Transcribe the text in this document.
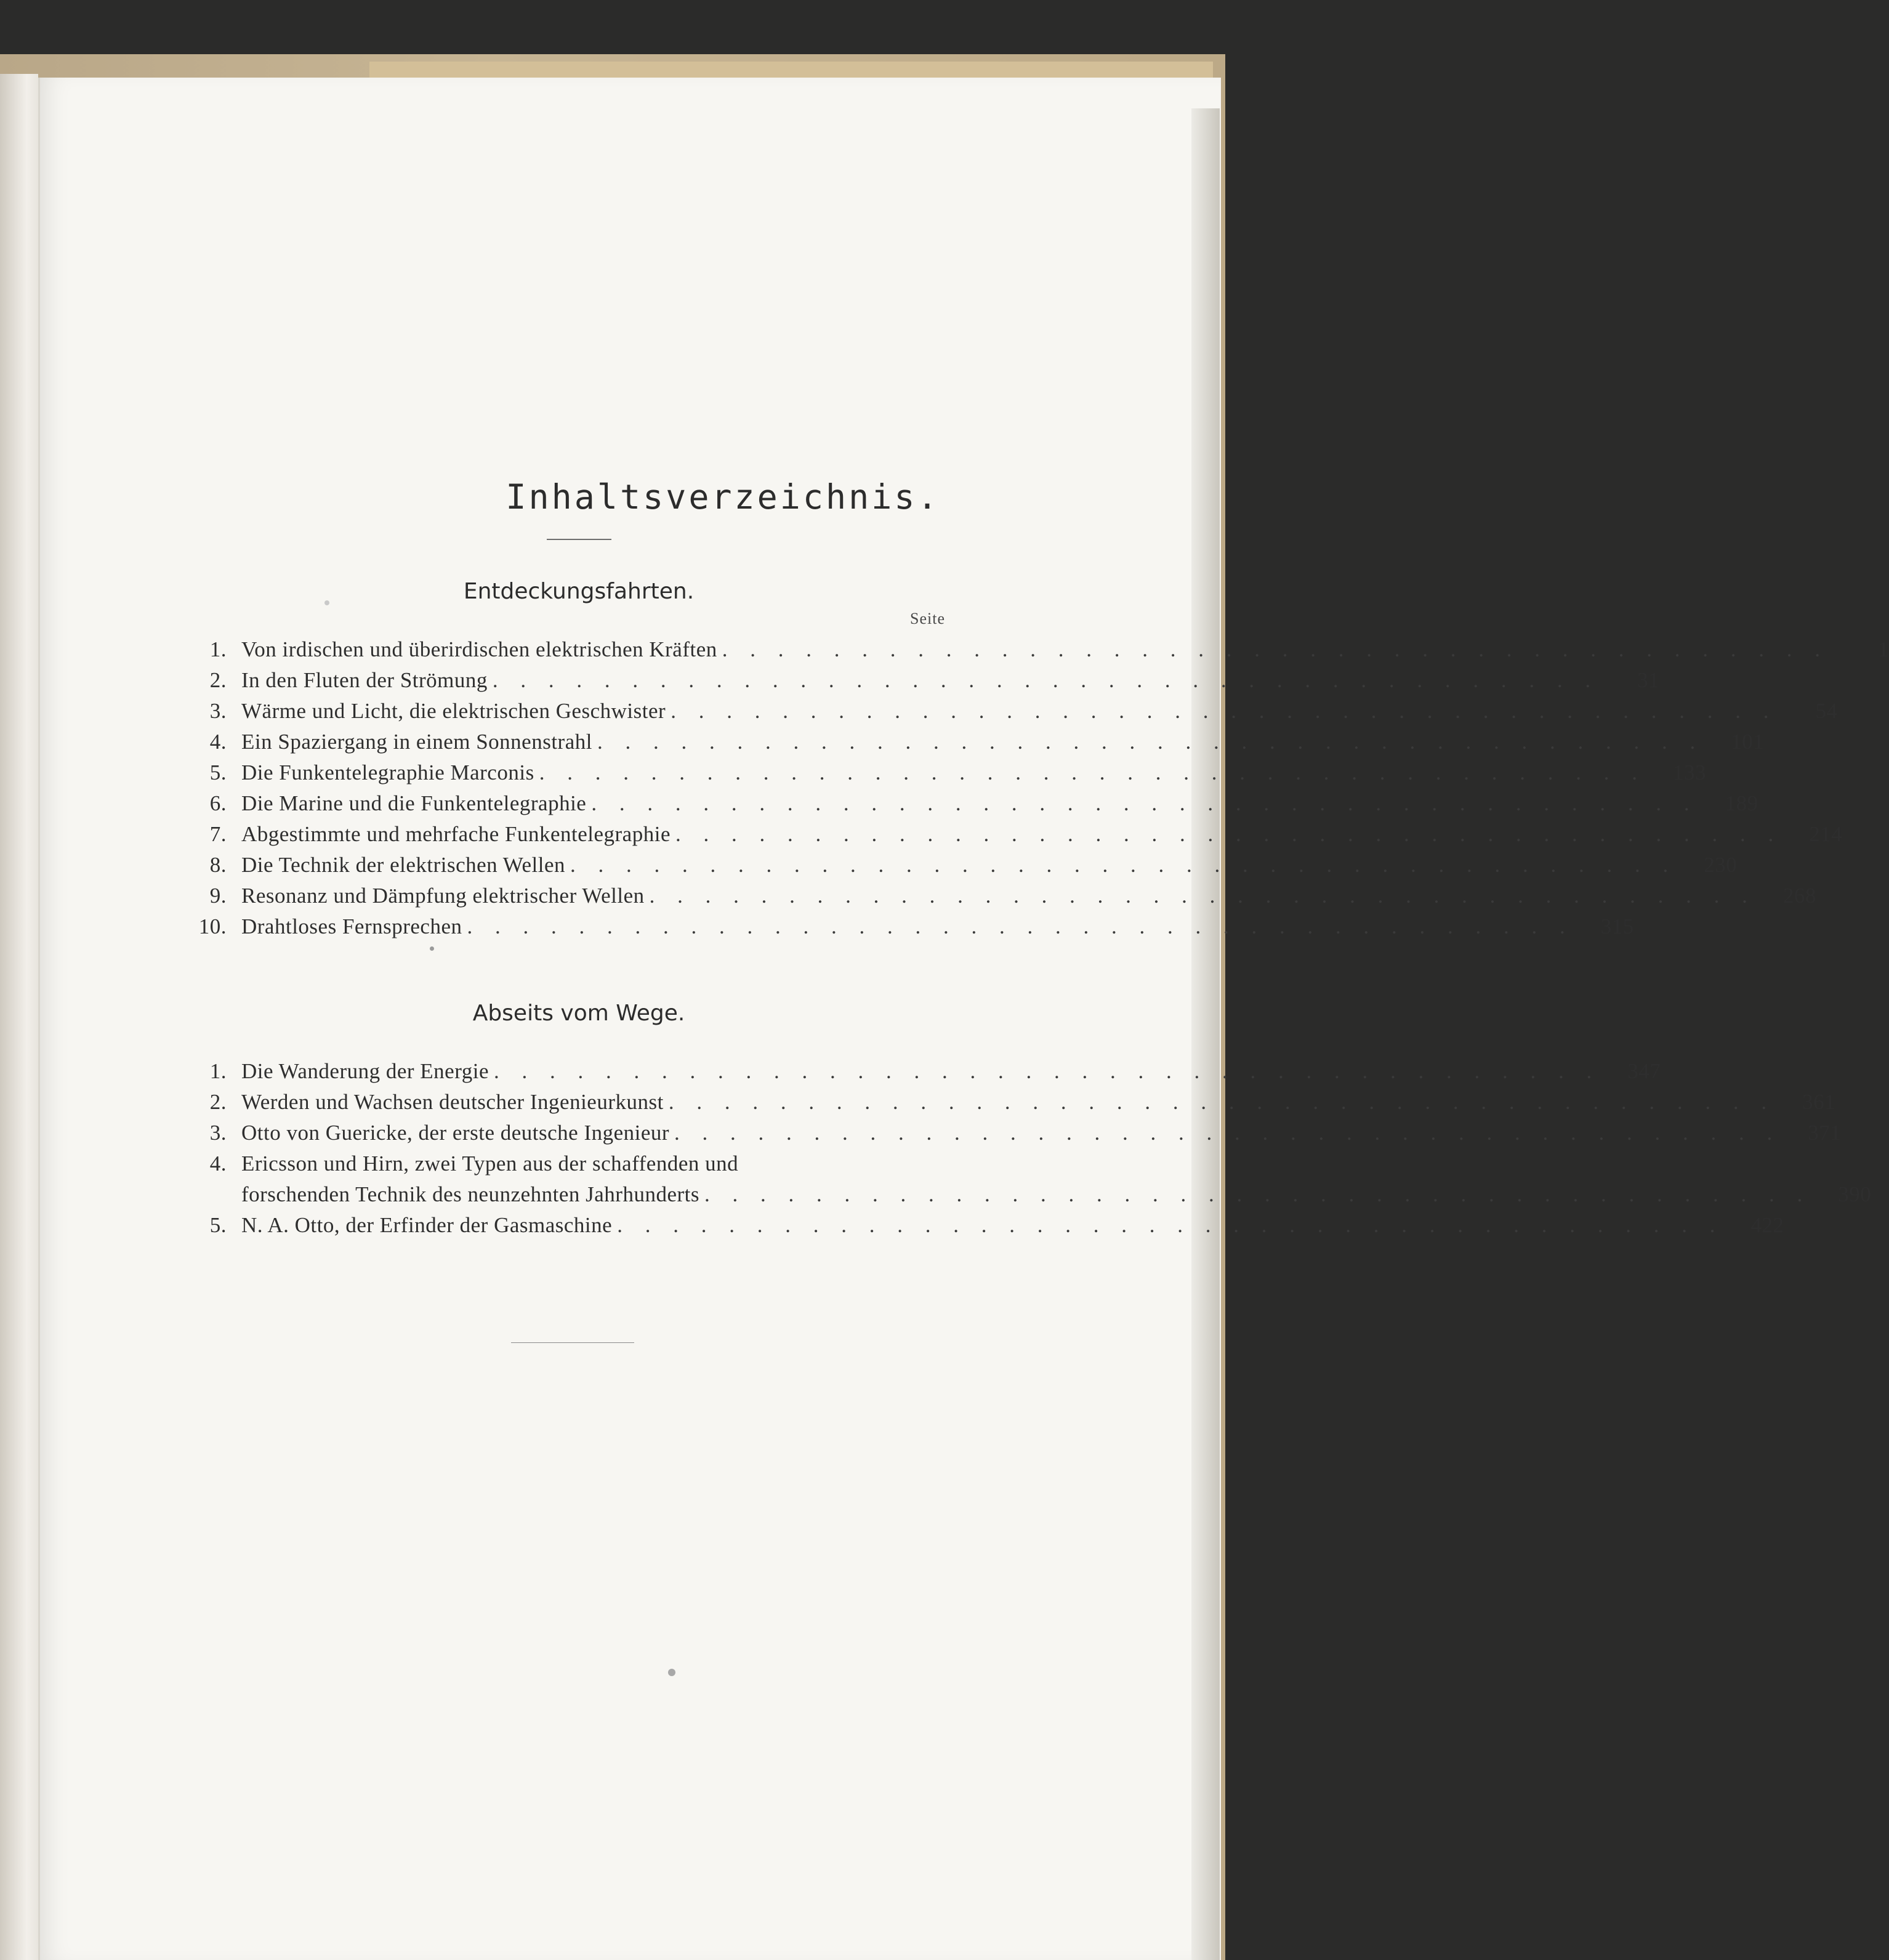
Inhaltsverzeichnis.
Entdeckungsfahrten.
Seite
1. Von irdischen und überirdischen elektrischen Kräften . . . . . . . . . . . . . . . . . . . . . . . . . . . . . . . . . . . . . . . .	1
2. In den Fluten der Strömung . . . . . . . . . . . . . . . . . . . . . . . . . . . . . . . . . . . . . . . .	31
3. Wärme und Licht, die elektrischen Geschwister . . . . . . . . . . . . . . . . . . . . . . . . . . . . . . . . . . . . . . . .	54
4. Ein Spaziergang in einem Sonnenstrahl . . . . . . . . . . . . . . . . . . . . . . . . . . . . . . . . . . . . . . . .	101
5. Die Funkentelegraphie Marconis . . . . . . . . . . . . . . . . . . . . . . . . . . . . . . . . . . . . . . . .	133
6. Die Marine und die Funkentelegraphie . . . . . . . . . . . . . . . . . . . . . . . . . . . . . . . . . . . . . . . .	189
7. Abgestimmte und mehrfache Funkentelegraphie . . . . . . . . . . . . . . . . . . . . . . . . . . . . . . . . . . . . . . . .	214
8. Die Technik der elektrischen Wellen . . . . . . . . . . . . . . . . . . . . . . . . . . . . . . . . . . . . . . . .	230
9. Resonanz und Dämpfung elektrischer Wellen . . . . . . . . . . . . . . . . . . . . . . . . . . . . . . . . . . . . . . . .	268
10. Drahtloses Fernsprechen . . . . . . . . . . . . . . . . . . . . . . . . . . . . . . . . . . . . . . . .	315
Abseits vom Wege.
1. Die Wanderung der Energie . . . . . . . . . . . . . . . . . . . . . . . . . . . . . . . . . . . . . . . .	347
2. Werden und Wachsen deutscher Ingenieurkunst . . . . . . . . . . . . . . . . . . . . . . . . . . . . . . . . . . . . . . . .	361
3. Otto von Guericke, der erste deutsche Ingenieur . . . . . . . . . . . . . . . . . . . . . . . . . . . . . . . . . . . . . . . .	371
4. Ericsson und Hirn, zwei Typen aus der schaffenden und
forschenden Technik des neunzehnten Jahrhunderts . . . . . . . . . . . . . . . . . . . . . . . . . . . . . . . . . . . . . . . .	390
5. N. A. Otto, der Erfinder der Gasmaschine . . . . . . . . . . . . . . . . . . . . . . . . . . . . . . . . . . . . . . . .	422
